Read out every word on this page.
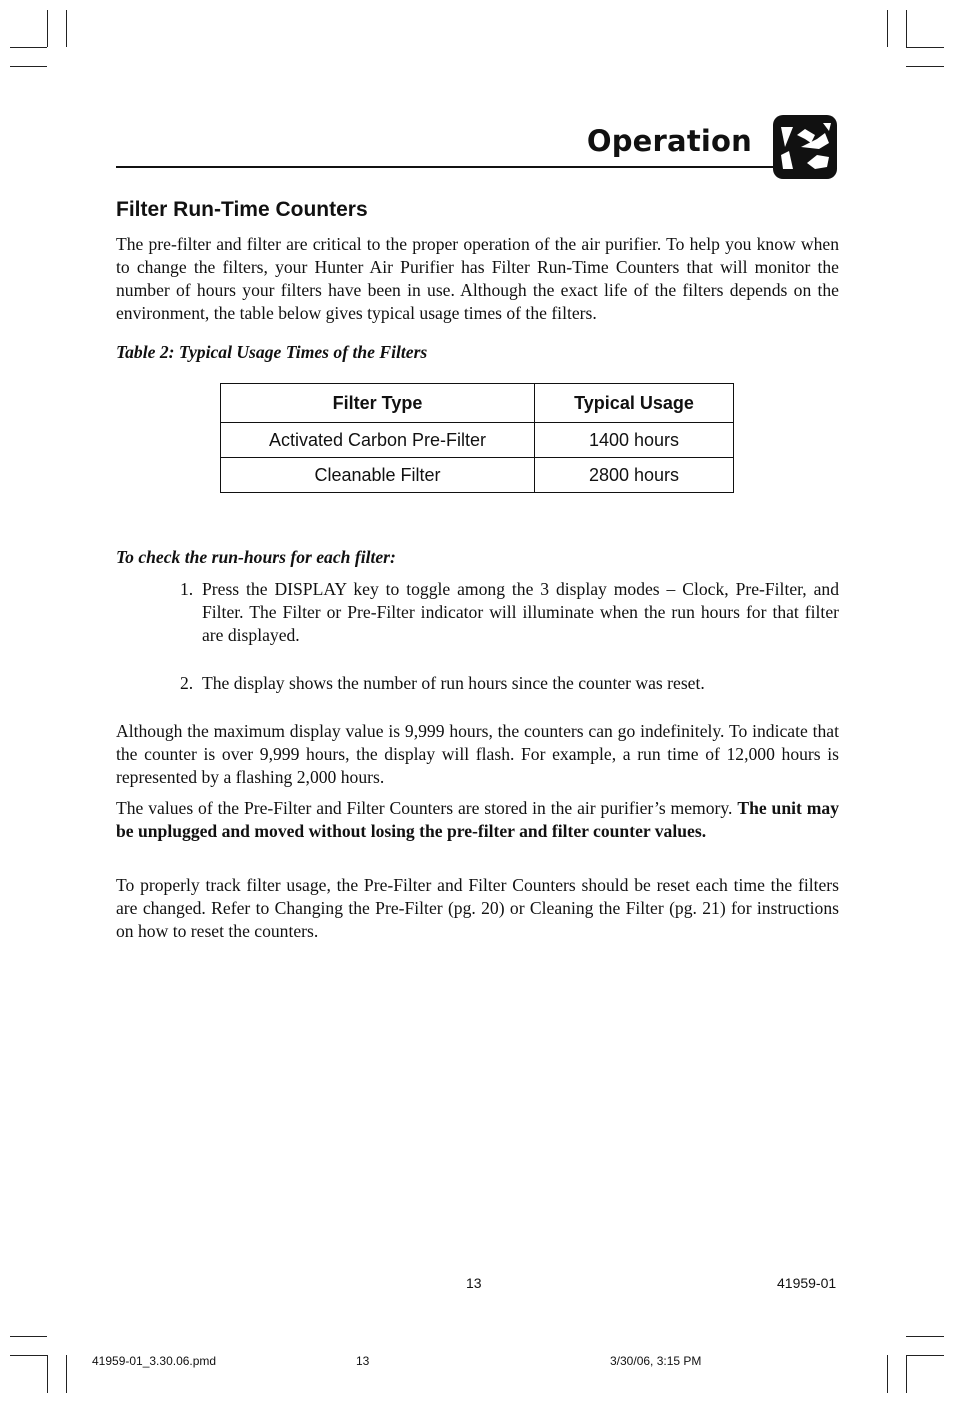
Operation
Filter Run-Time Counters
The pre-filter and filter are critical to the proper operation of the air purifier. To help you know when to change the filters, your Hunter Air Purifier has Filter Run-Time Counters that will monitor the number of hours your filters have been in use. Although the exact life of the filters depends on the environment, the table below gives typical usage times of the filters.
Table 2: Typical Usage Times of the Filters
Filter Type	Typical Usage
Activated Carbon Pre-Filter	1400 hours
Cleanable Filter	2800 hours
To check the run-hours for each filter:
1. Press the DISPLAY key to toggle among the 3 display modes – Clock, Pre-Filter, and Filter. The Filter or Pre-Filter indicator will illuminate when the run hours for that filter are displayed.
2. The display shows the number of run hours since the counter was reset.
Although the maximum display value is 9,999 hours, the counters can go indefinitely. To indicate that the counter is over 9,999 hours, the display will flash. For example, a run time of 12,000 hours is represented by a flashing 2,000 hours.
The values of the Pre-Filter and Filter Counters are stored in the air purifier’s memory. The unit may be unplugged and moved without losing the pre-filter and filter counter values.
To properly track filter usage, the Pre-Filter and Filter Counters should be reset each time the filters are changed. Refer to Changing the Pre-Filter (pg. 20) or Cleaning the Filter (pg. 21) for instructions on how to reset the counters.
13	41959-01
41959-01_3.30.06.pmd	13	3/30/06, 3:15 PM
